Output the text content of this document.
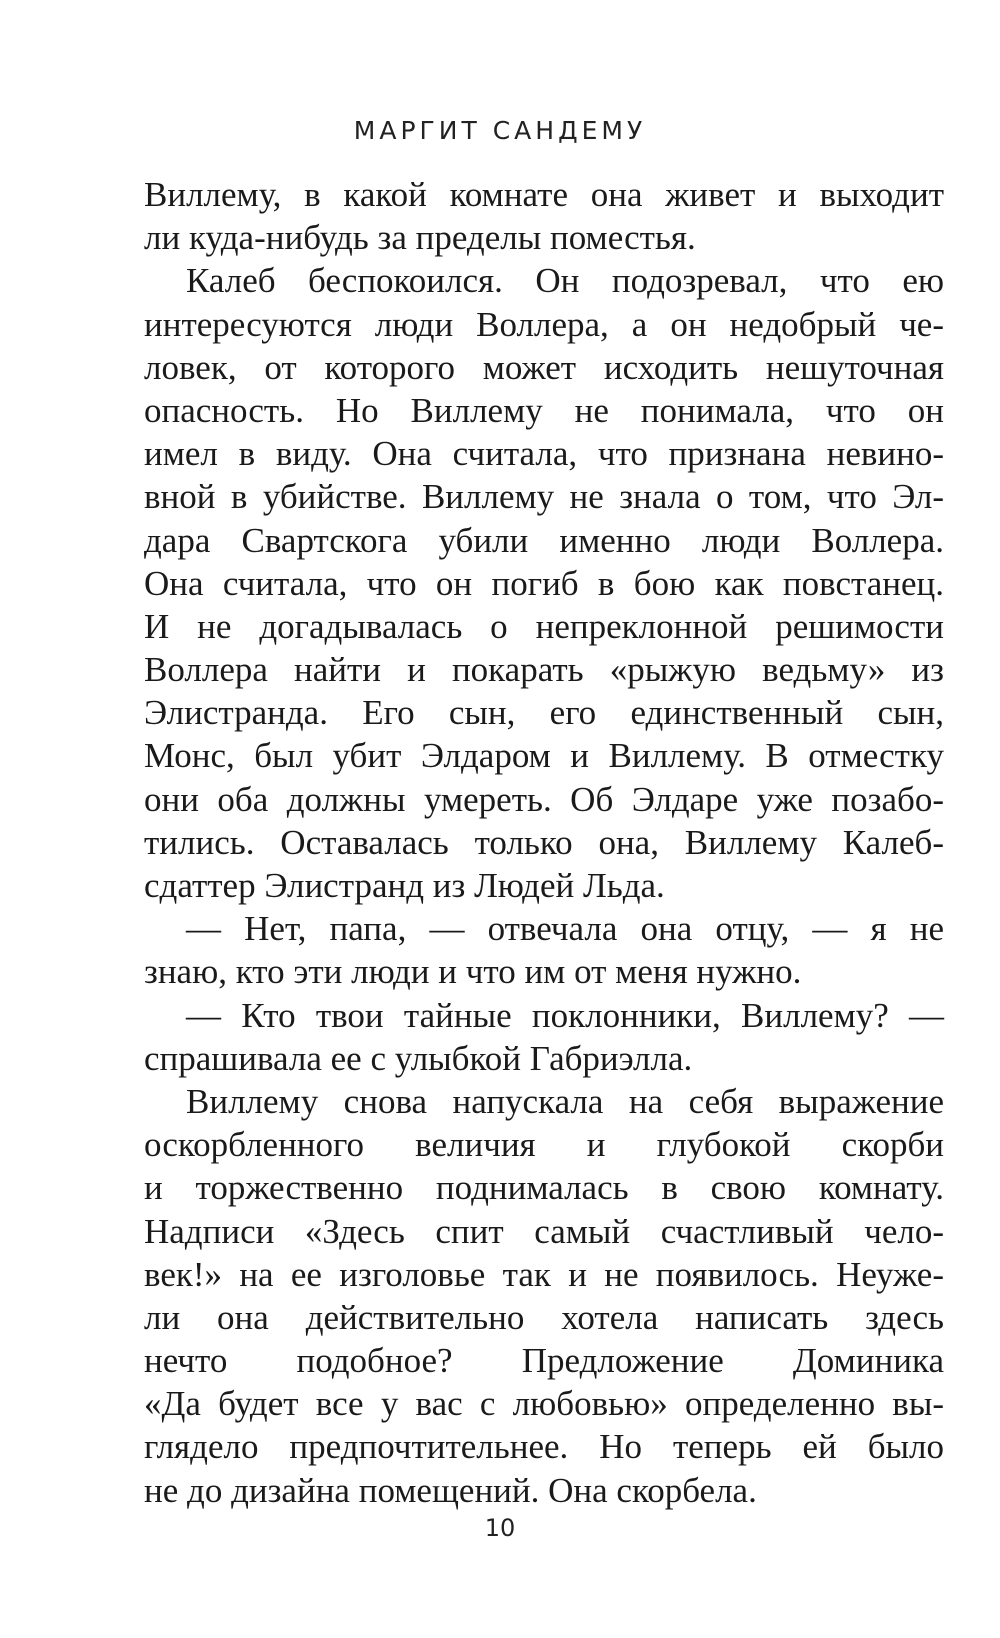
МАРГИТ САНДЕМУ
Виллему, в какой комнате она живет и выходит
ли куда-нибудь за пределы поместья.
Калеб беспокоился. Он подозревал, что ею
интересуются люди Воллера, а он недобрый че-
ловек, от которого может исходить нешуточная
опасность. Но Виллему не понимала, что он
имел в виду. Она считала, что признана невино-
вной в убийстве. Виллему не знала о том, что Эл-
дара Свартскога убили именно люди Воллера.
Она считала, что он погиб в бою как повстанец.
И не догадывалась о непреклонной решимости
Воллера найти и покарать «рыжую ведьму» из
Элистранда. Его сын, его единственный сын,
Монс, был убит Элдаром и Виллему. В отместку
они оба должны умереть. Об Элдаре уже позабо-
тились. Оставалась только она, Виллему Калеб-
сдаттер Элистранд из Людей Льда.
— Нет, папа, — отвечала она отцу, — я не
знаю, кто эти люди и что им от меня нужно.
— Кто твои тайные поклонники, Виллему? —
спрашивала ее с улыбкой Габриэлла.
Виллему снова напускала на себя выражение
оскорбленного величия и глубокой скорби
и торжественно поднималась в свою комнату.
Надписи «Здесь спит самый счастливый чело-
век!» на ее изголовье так и не появилось. Неуже-
ли она действительно хотела написать здесь
нечто подобное? Предложение Доминика
«Да будет все у вас с любовью» определенно вы-
глядело предпочтительнее. Но теперь ей было
не до дизайна помещений. Она скорбела.
10
